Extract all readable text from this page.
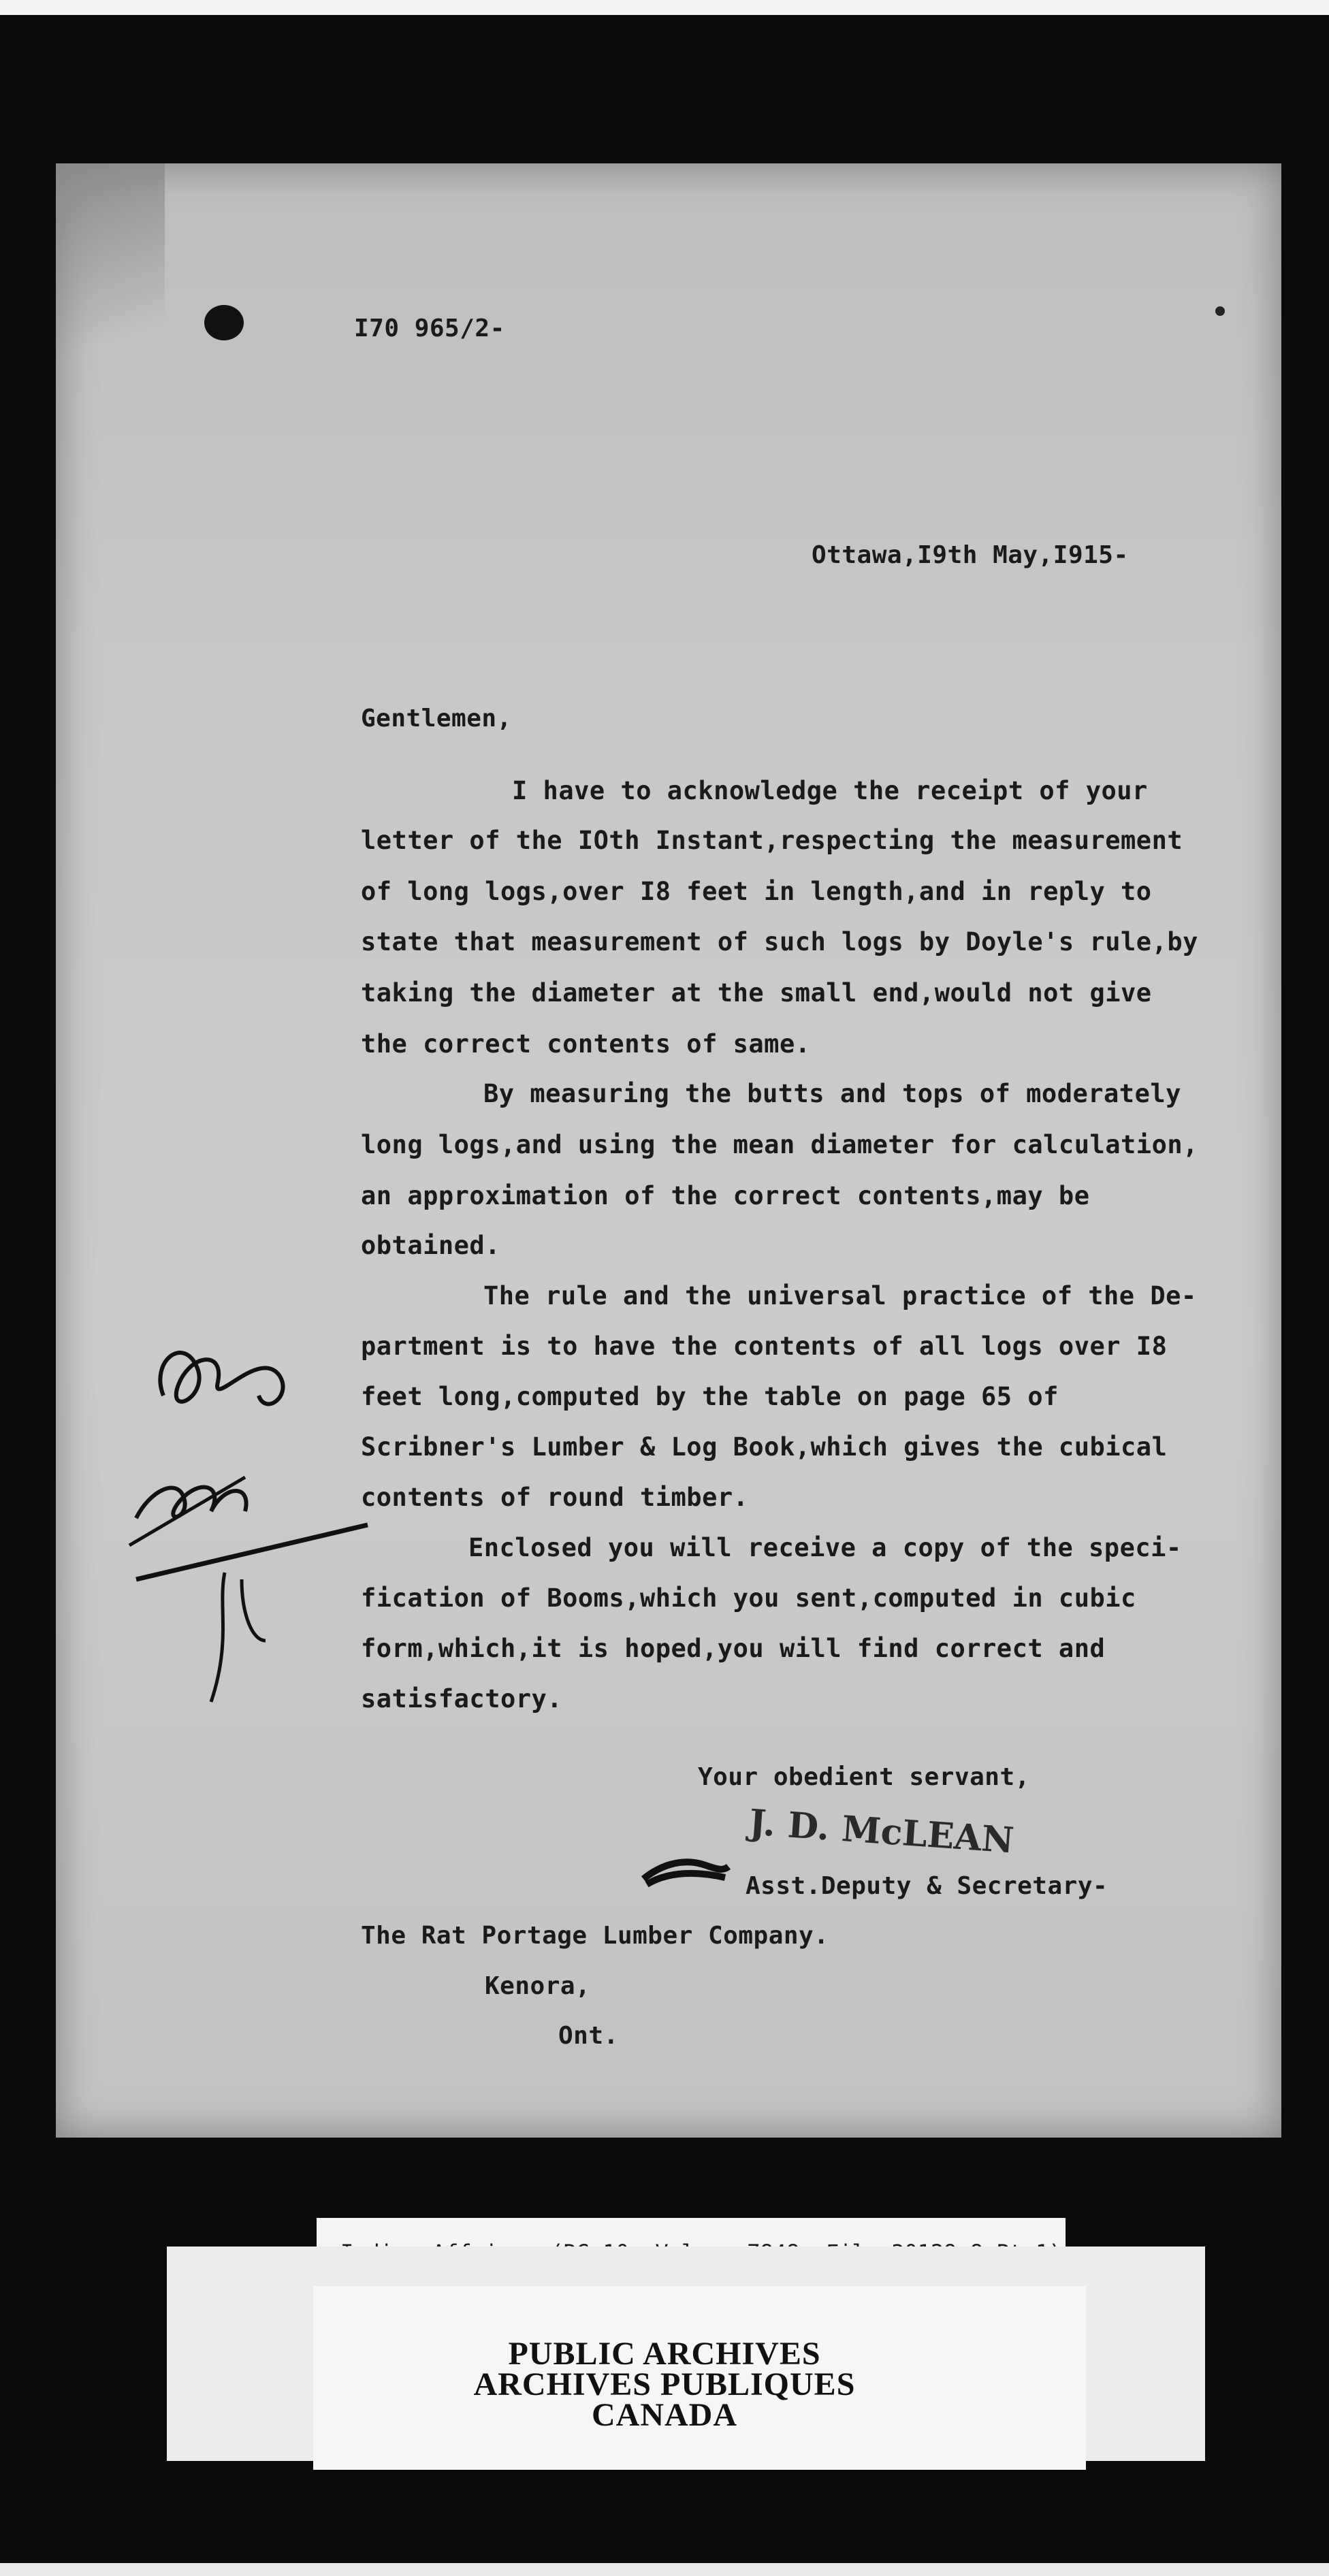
I70 965/2-
Ottawa,I9th May,I915-
Gentlemen,
I have to acknowledge the receipt of your
letter of the IOth Instant,respecting the measurement
of long logs,over I8 feet in length,and in reply to
state that measurement of such logs by Doyle's rule,by
taking the diameter at the small end,would not give
the correct contents of same.
By measuring the butts and tops of moderately
long logs,and using the mean diameter for calculation,
an approximation of the correct contents,may be
obtained.
The rule and the universal practice of the De-
partment is to have the contents of all logs over I8
feet long,computed by the table on page 65 of
Scribner's Lumber & Log Book,which gives the cubical
contents of round timber.
Enclosed you will receive a copy of the speci-
fication of Booms,which you sent,computed in cubic
form,which,it is hoped,you will find correct and
satisfactory.
Your obedient servant,
J. D. McLEAN
Asst.Deputy & Secretary-
The Rat Portage Lumber Company.
Kenora,
Ont.
PUBLIC ARCHIVES
ARCHIVES PUBLIQUES
CANADA
